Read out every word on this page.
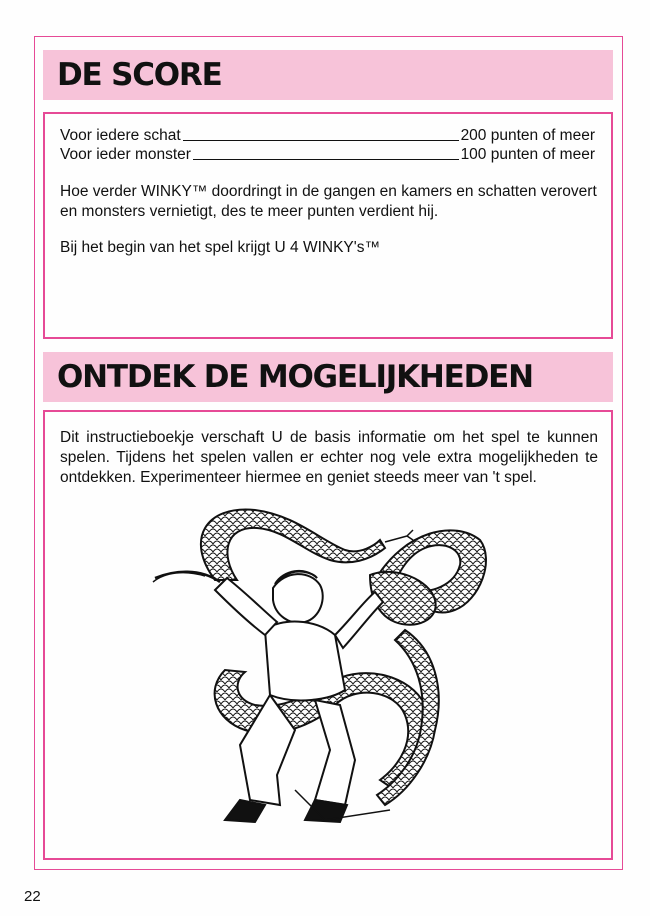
DE SCORE
Voor iedere schat	200 punten of meer
Voor ieder monster	100 punten of meer

Hoe verder WINKY™ doordringt in de gangen en kamers en schatten verovert en monsters vernietigt, des te meer punten verdient hij.

Bij het begin van het spel krijgt U 4 WINKY's™

ONTDEK DE MOGELIJKHEDEN

Dit instructieboekje verschaft U de basis informatie om het spel te kunnen spelen. Tijdens het spelen vallen er echter nog vele extra mogelijkheden te ontdekken. Experimenteer hiermee en geniet steeds meer van 't spel.

22
